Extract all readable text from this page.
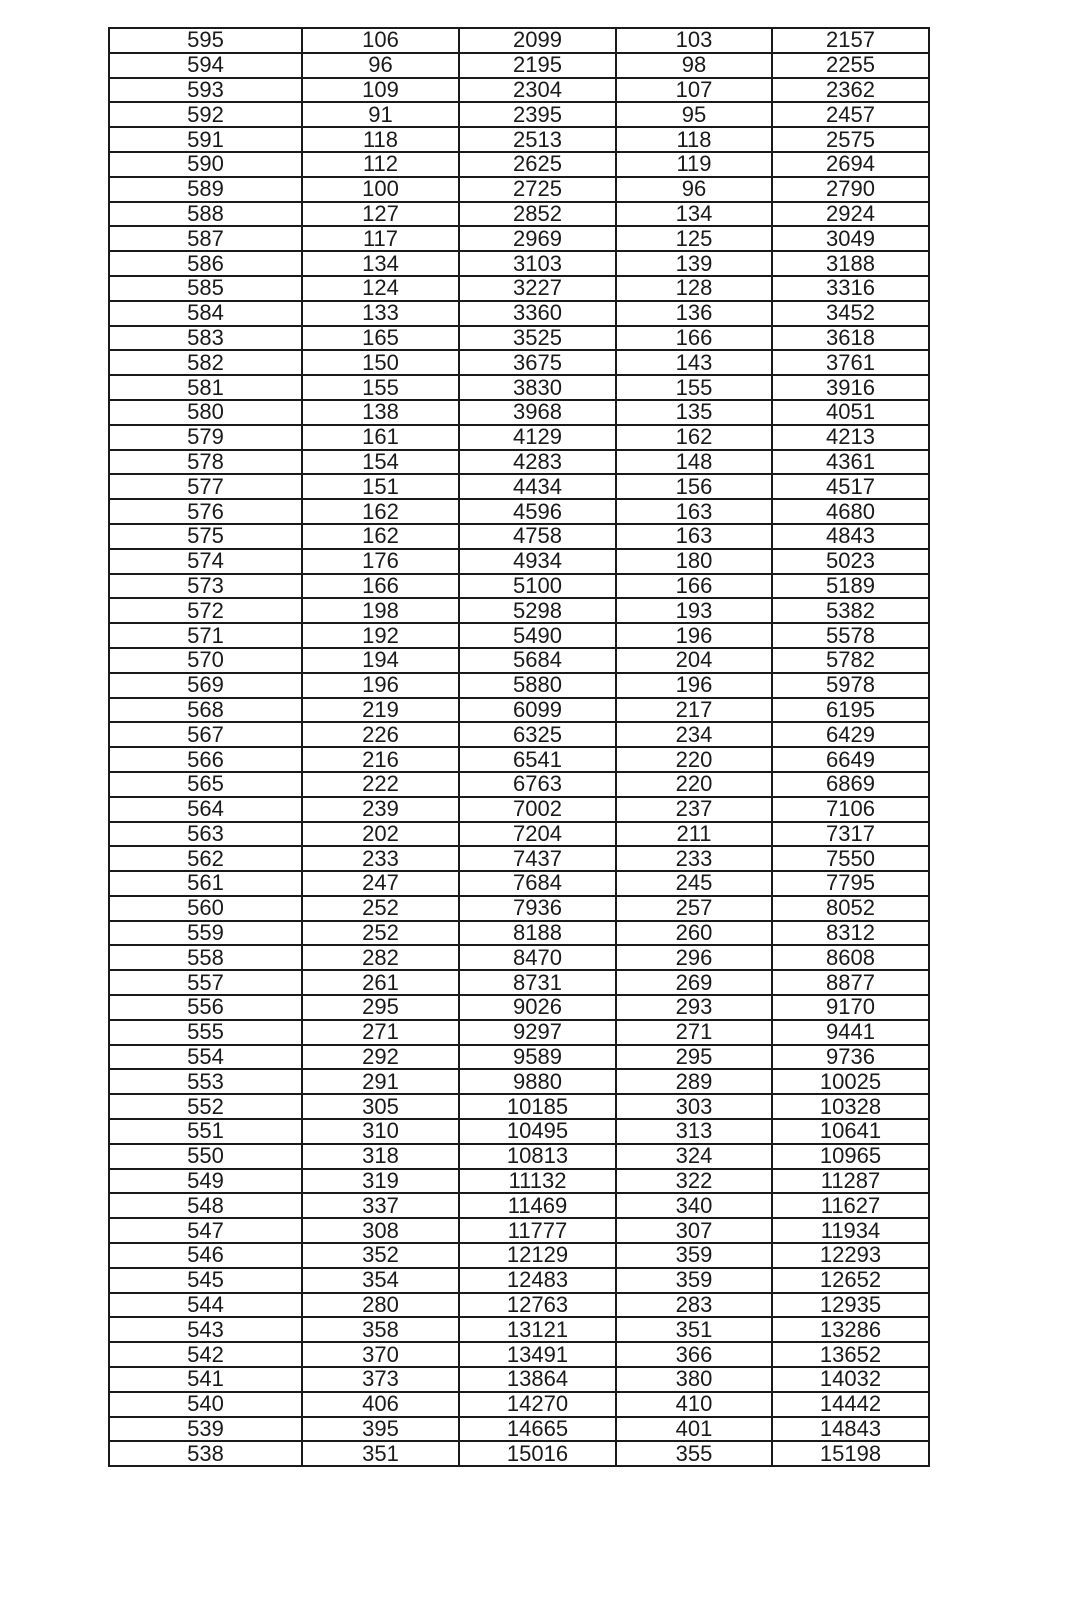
595	106	2099	103	2157
594	96	2195	98	2255
593	109	2304	107	2362
592	91	2395	95	2457
591	118	2513	118	2575
590	112	2625	119	2694
589	100	2725	96	2790
588	127	2852	134	2924
587	117	2969	125	3049
586	134	3103	139	3188
585	124	3227	128	3316
584	133	3360	136	3452
583	165	3525	166	3618
582	150	3675	143	3761
581	155	3830	155	3916
580	138	3968	135	4051
579	161	4129	162	4213
578	154	4283	148	4361
577	151	4434	156	4517
576	162	4596	163	4680
575	162	4758	163	4843
574	176	4934	180	5023
573	166	5100	166	5189
572	198	5298	193	5382
571	192	5490	196	5578
570	194	5684	204	5782
569	196	5880	196	5978
568	219	6099	217	6195
567	226	6325	234	6429
566	216	6541	220	6649
565	222	6763	220	6869
564	239	7002	237	7106
563	202	7204	211	7317
562	233	7437	233	7550
561	247	7684	245	7795
560	252	7936	257	8052
559	252	8188	260	8312
558	282	8470	296	8608
557	261	8731	269	8877
556	295	9026	293	9170
555	271	9297	271	9441
554	292	9589	295	9736
553	291	9880	289	10025
552	305	10185	303	10328
551	310	10495	313	10641
550	318	10813	324	10965
549	319	11132	322	11287
548	337	11469	340	11627
547	308	11777	307	11934
546	352	12129	359	12293
545	354	12483	359	12652
544	280	12763	283	12935
543	358	13121	351	13286
542	370	13491	366	13652
541	373	13864	380	14032
540	406	14270	410	14442
539	395	14665	401	14843
538	351	15016	355	15198
